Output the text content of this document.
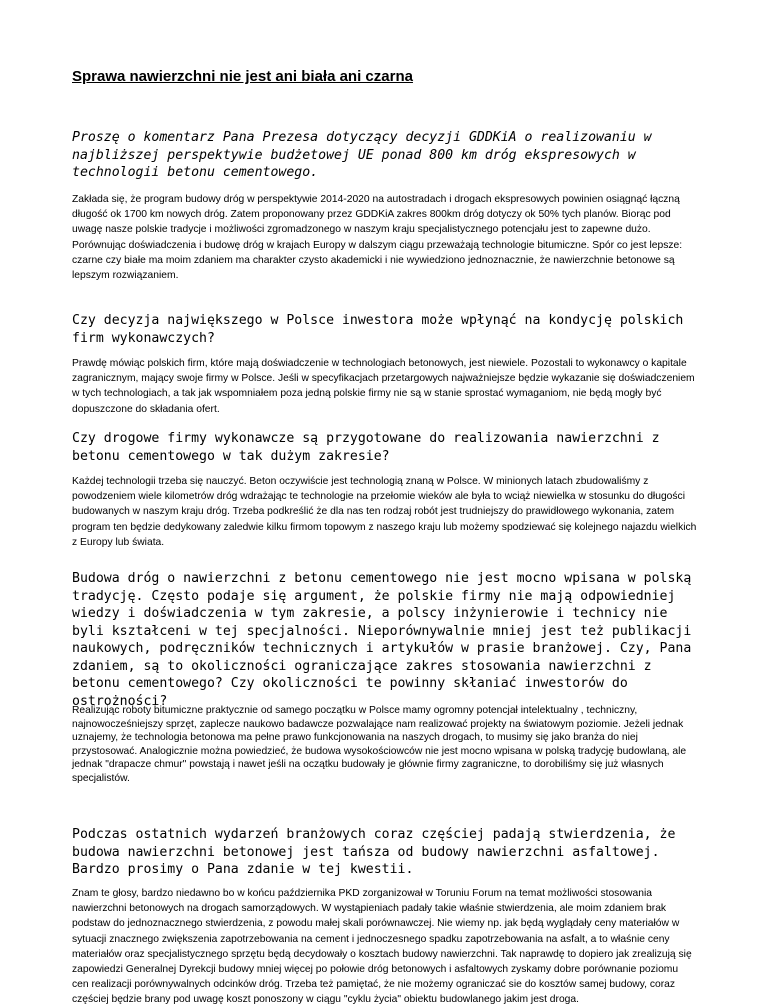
Sprawa nawierzchni nie jest ani biała ani czarna

Proszę o komentarz Pana Prezesa dotyczący decyzji GDDKiA o realizowaniu w najbliższej perspektywie budżetowej UE ponad 800 km dróg ekspresowych w technologii betonu cementowego.

Zakłada się, że program budowy dróg w perspektywie 2014-2020 na autostradach i drogach ekspresowych powinien osiągnąć łączną długość ok 1700 km nowych dróg. Zatem proponowany przez GDDKiA zakres 800km dróg dotyczy ok 50% tych planów. Biorąc pod uwagę nasze polskie tradycje i możliwości zgromadzonego w naszym kraju specjalistycznego potencjału jest to zapewne dużo. Porównując doświadczenia i budowę dróg w krajach Europy w dalszym ciągu przeważają technologie bitumiczne. Spór co jest lepsze: czarne czy białe ma moim zdaniem ma charakter czysto akademicki i nie wywiedziono jednoznacznie, że nawierzchnie betonowe są lepszym rozwiązaniem.

Czy decyzja największego w Polsce inwestora może wpłynąć na kondycję polskich firm wykonawczych?

Prawdę mówiąc polskich firm, które mają doświadczenie w technologiach betonowych, jest niewiele. Pozostali to wykonawcy o kapitale zagranicznym, mający swoje firmy w Polsce. Jeśli w specyfikacjach przetargowych najważniejsze będzie wykazanie się doświadczeniem w tych technologiach, a tak jak wspomniałem poza jedną polskie firmy nie są w stanie sprostać wymaganiom, nie będą mogły być dopuszczone do składania ofert.

Czy drogowe firmy wykonawcze są przygotowane do realizowania nawierzchni z betonu cementowego w tak dużym zakresie?

Każdej technologii trzeba się nauczyć. Beton oczywiście jest technologią znaną w Polsce. W minionych latach zbudowaliśmy z powodzeniem wiele kilometrów dróg wdrażając te technologie na przełomie wieków ale była to wciąż niewielka w stosunku do długości budowanych w naszym kraju dróg. Trzeba podkreślić że dla nas ten rodzaj robót jest trudniejszy do prawidłowego wykonania, zatem program ten będzie dedykowany zaledwie kilku firmom topowym z naszego kraju lub możemy spodziewać się kolejnego najazdu wielkich z Europy lub świata.

Budowa dróg o nawierzchni z betonu cementowego nie jest mocno wpisana w polską tradycję. Często podaje się argument, że polskie firmy nie mają odpowiedniej wiedzy i doświadczenia w tym zakresie, a polscy inżynierowie i technicy nie byli kształceni w tej specjalności. Nieporównywalnie mniej jest też publikacji naukowych, podręczników technicznych i artykułów w prasie branżowej. Czy, Pana zdaniem, są to okoliczności ograniczające zakres stosowania nawierzchni z betonu cementowego? Czy okoliczności te powinny skłaniać inwestorów do ostrożności?

Realizując roboty bitumiczne praktycznie od samego początku w Polsce mamy ogromny potencjał intelektualny , techniczny, najnowocześniejszy sprzęt, zaplecze naukowo badawcze pozwalające nam realizować projekty na światowym poziomie. Jeżeli jednak uznajemy, że technologia betonowa ma pełne prawo funkcjonowania na naszych drogach, to musimy się jako branża do niej przystosować. Analogicznie można powiedzieć, że budowa wysokościowców nie jest mocno wpisana w polską tradycję budowlaną, ale jednak "drapacze chmur" powstają i nawet jeśli na oczątku budowały je głównie firmy zagraniczne, to dorobiliśmy się już własnych specjalistów.

Podczas ostatnich wydarzeń branżowych coraz częściej padają stwierdzenia, że budowa nawierzchni betonowej jest tańsza od budowy nawierzchni asfaltowej. Bardzo prosimy o Pana zdanie w tej kwestii.

Znam te głosy, bardzo niedawno bo w końcu października PKD zorganizował w Toruniu Forum na temat możliwości stosowania nawierzchni betonowych na drogach samorządowych. W wystąpieniach padały takie właśnie stwierdzenia, ale moim zdaniem brak podstaw do jednoznacznego stwierdzenia, z powodu małej skali porównawczej. Nie wiemy np. jak będą wyglądały ceny materiałów w sytuacji znacznego zwiększenia zapotrzebowania na cement i jednoczesnego spadku zapotrzebowania na asfalt, a to właśnie ceny materiałów oraz specjalistycznego sprzętu będą decydowały o kosztach budowy nawierzchni. Tak naprawdę to dopiero jak zrealizują się zapowiedzi Generalnej Dyrekcji budowy mniej więcej po połowie dróg betonowych i asfaltowych zyskamy dobre porównanie poziomu cen realizacji porównywalnych odcinków dróg. Trzeba też pamiętać, że nie możemy ograniczać sie do kosztów samej budowy, coraz częściej będzie brany pod uwagę koszt ponoszony w ciągu "cyklu życia" obiektu budowlanego jakim jest droga.
